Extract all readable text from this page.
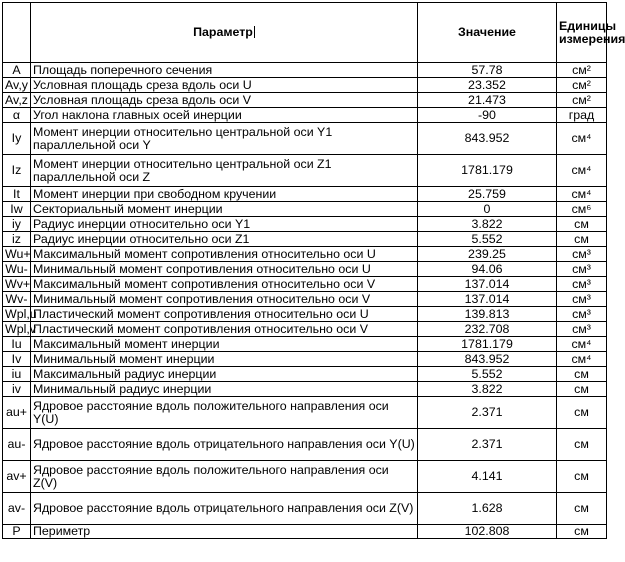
	Параметр	Значение	Единицы измерения
A	Площадь поперечного сечения	57.78	см²
Av,y	Условная площадь среза вдоль оси U	23.352	см²
Av,z	Условная площадь среза вдоль оси V	21.473	см²
α	Угол наклона главных осей инерции	-90	град
Iy	Момент инерции относительно центральной оси Y1 параллельной оси Y	843.952	см⁴
Iz	Момент инерции относительно центральной оси Z1 параллельной оси Z	1781.179	см⁴
It	Момент инерции при свободном кручении	25.759	см⁴
Iw	Секториальный момент инерции	0	см⁶
iy	Радиус инерции относительно оси Y1	3.822	см
iz	Радиус инерции относительно оси Z1	5.552	см
Wu+	Максимальный момент сопротивления относительно оси U	239.25	см³
Wu-	Минимальный момент сопротивления относительно оси U	94.06	см³
Wv+	Максимальный момент сопротивления относительно оси V	137.014	см³
Wv-	Минимальный момент сопротивления относительно оси V	137.014	см³
Wpl,u	Пластический момент сопротивления относительно оси U	139.813	см³
Wpl,v	Пластический момент сопротивления относительно оси V	232.708	см³
Iu	Максимальный момент инерции	1781.179	см⁴
Iv	Минимальный момент инерции	843.952	см⁴
iu	Максимальный радиус инерции	5.552	см
iv	Минимальный радиус инерции	3.822	см
au+	Ядровое расстояние вдоль положительного направления оси Y(U)	2.371	см
au-	Ядровое расстояние вдоль отрицательного направления оси Y(U)	2.371	см
av+	Ядровое расстояние вдоль положительного направления оси Z(V)	4.141	см
av-	Ядровое расстояние вдоль отрицательного направления оси Z(V)	1.628	см
P	Периметр	102.808	см
